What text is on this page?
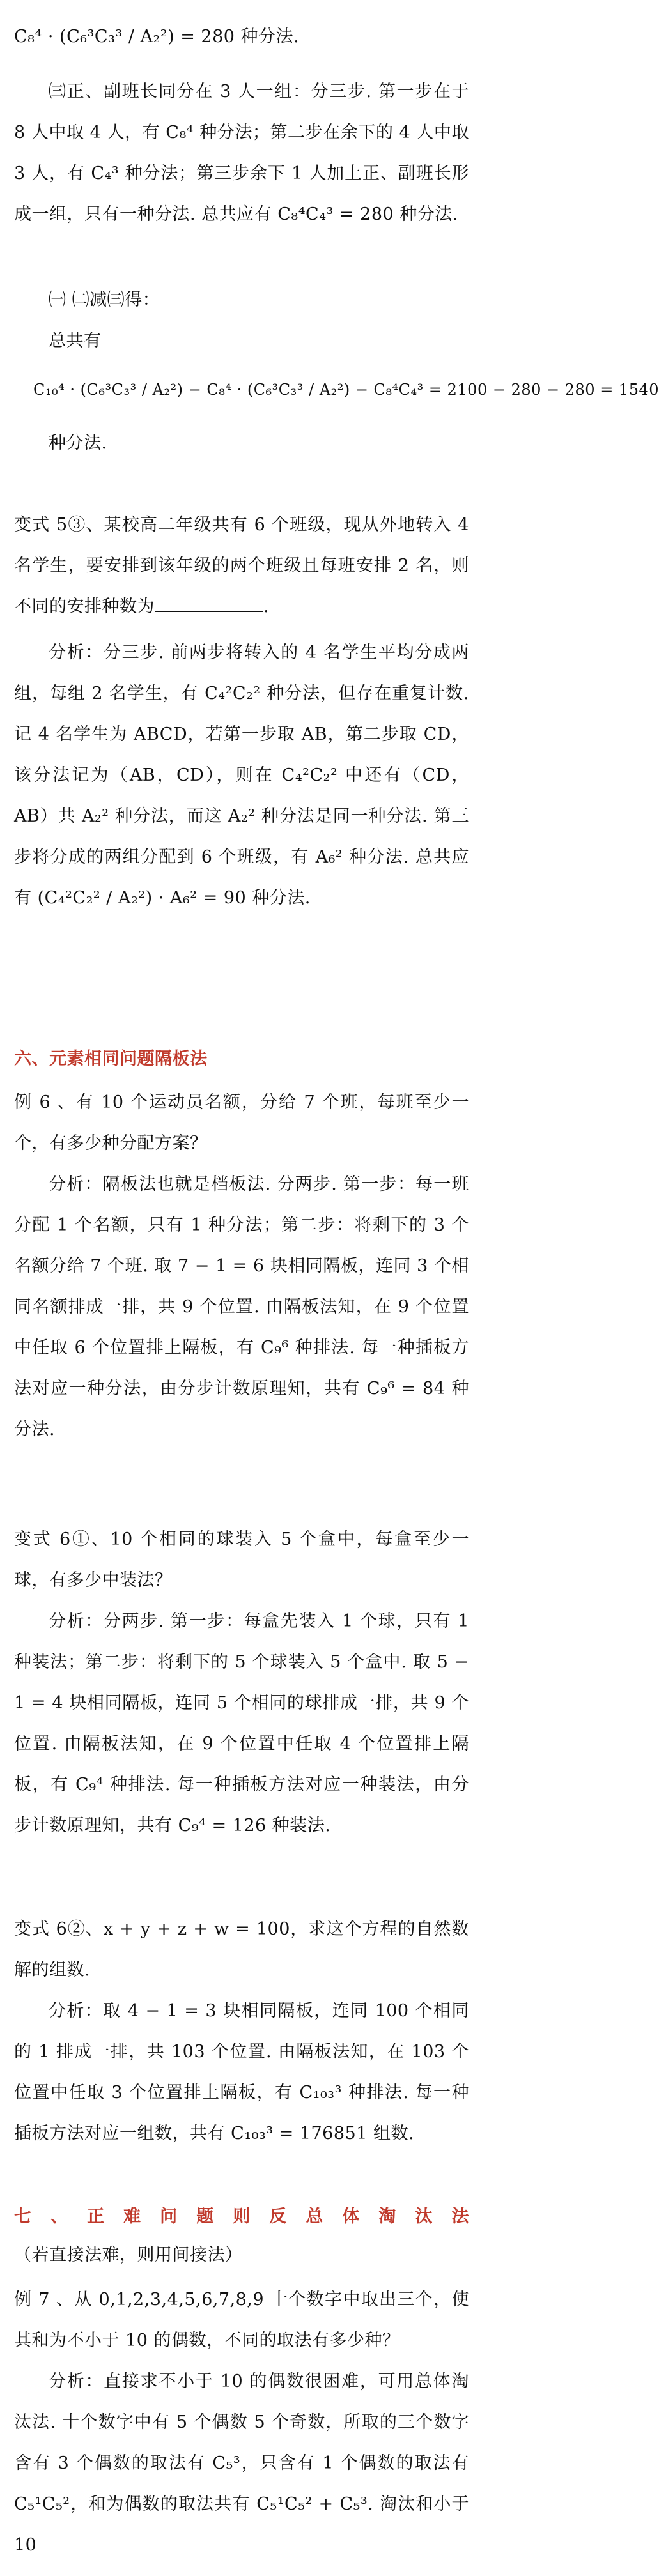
C₈⁴ · (C₆³C₃³ / A₂²) = 280 种分法.

㈢正、副班长同分在 3 人一组：分三步. 第一步在于 8 人中取 4 人，有 C₈⁴ 种分法；第二步在余下的 4 人中取 3 人，有 C₄³ 种分法；第三步余下 1 人加上正、副班长形成一组，只有一种分法. 总共应有 C₈⁴C₄³ = 280 种分法.

㈠ ㈡减㈢得：

总共有

C₁₀⁴ · (C₆³C₃³ / A₂²) − C₈⁴ · (C₆³C₃³ / A₂²) − C₈⁴C₄³ = 2100 − 280 − 280 = 1540

种分法.

变式 5③、某校高二年级共有 6 个班级，现从外地转入 4 名学生，要安排到该年级的两个班级且每班安排 2 名，则不同的安排种数为	.

分析：分三步. 前两步将转入的 4 名学生平均分成两组，每组 2 名学生，有 C₄²C₂² 种分法，但存在重复计数. 记 4 名学生为 ABCD，若第一步取 AB，第二步取 CD，该分法记为（AB，CD），则在 C₄²C₂² 中还有（CD，AB）共 A₂² 种分法，而这 A₂² 种分法是同一种分法. 第三步将分成的两组分配到 6 个班级，有 A₆² 种分法. 总共应有 (C₄²C₂² / A₂²) · A₆² = 90 种分法.

六、元素相同问题隔板法

例 6 、有 10 个运动员名额，分给 7 个班，每班至少一个，有多少种分配方案？

分析：隔板法也就是档板法. 分两步. 第一步：每一班分配 1 个名额，只有 1 种分法；第二步：将剩下的 3 个名额分给 7 个班. 取 7 − 1 = 6 块相同隔板，连同 3 个相同名额排成一排，共 9 个位置. 由隔板法知，在 9 个位置中任取 6 个位置排上隔板，有 C₉⁶ 种排法. 每一种插板方法对应一种分法，由分步计数原理知，共有 C₉⁶ = 84 种分法.

变式 6①、10 个相同的球装入 5 个盒中，每盒至少一球，有多少中装法？

分析：分两步. 第一步：每盒先装入 1 个球，只有 1 种装法；第二步：将剩下的 5 个球装入 5 个盒中. 取 5 − 1 = 4 块相同隔板，连同 5 个相同的球排成一排，共 9 个位置. 由隔板法知，在 9 个位置中任取 4 个位置排上隔板，有 C₉⁴ 种排法. 每一种插板方法对应一种装法，由分步计数原理知，共有 C₉⁴ = 126 种装法.

变式 6②、x + y + z + w = 100，求这个方程的自然数解的组数.

分析：取 4 − 1 = 3 块相同隔板，连同 100 个相同的 1 排成一排，共 103 个位置. 由隔板法知，在 103 个位置中任取 3 个位置排上隔板，有 C₁₀₃³ 种排法. 每一种插板方法对应一组数，共有 C₁₀₃³ = 176851 组数.

七、正难问题则反总体淘汰法（若直接法难，则用间接法）

例 7 、从 0,1,2,3,4,5,6,7,8,9 十个数字中取出三个，使其和为不小于 10 的偶数，不同的取法有多少种？

分析：直接求不小于 10 的偶数很困难，可用总体淘汰法. 十个数字中有 5 个偶数 5 个奇数，所取的三个数字含有 3 个偶数的取法有 C₅³，只含有 1 个偶数的取法有 C₅¹C₅²，和为偶数的取法共有 C₅¹C₅² + C₅³. 淘汰和小于 10
